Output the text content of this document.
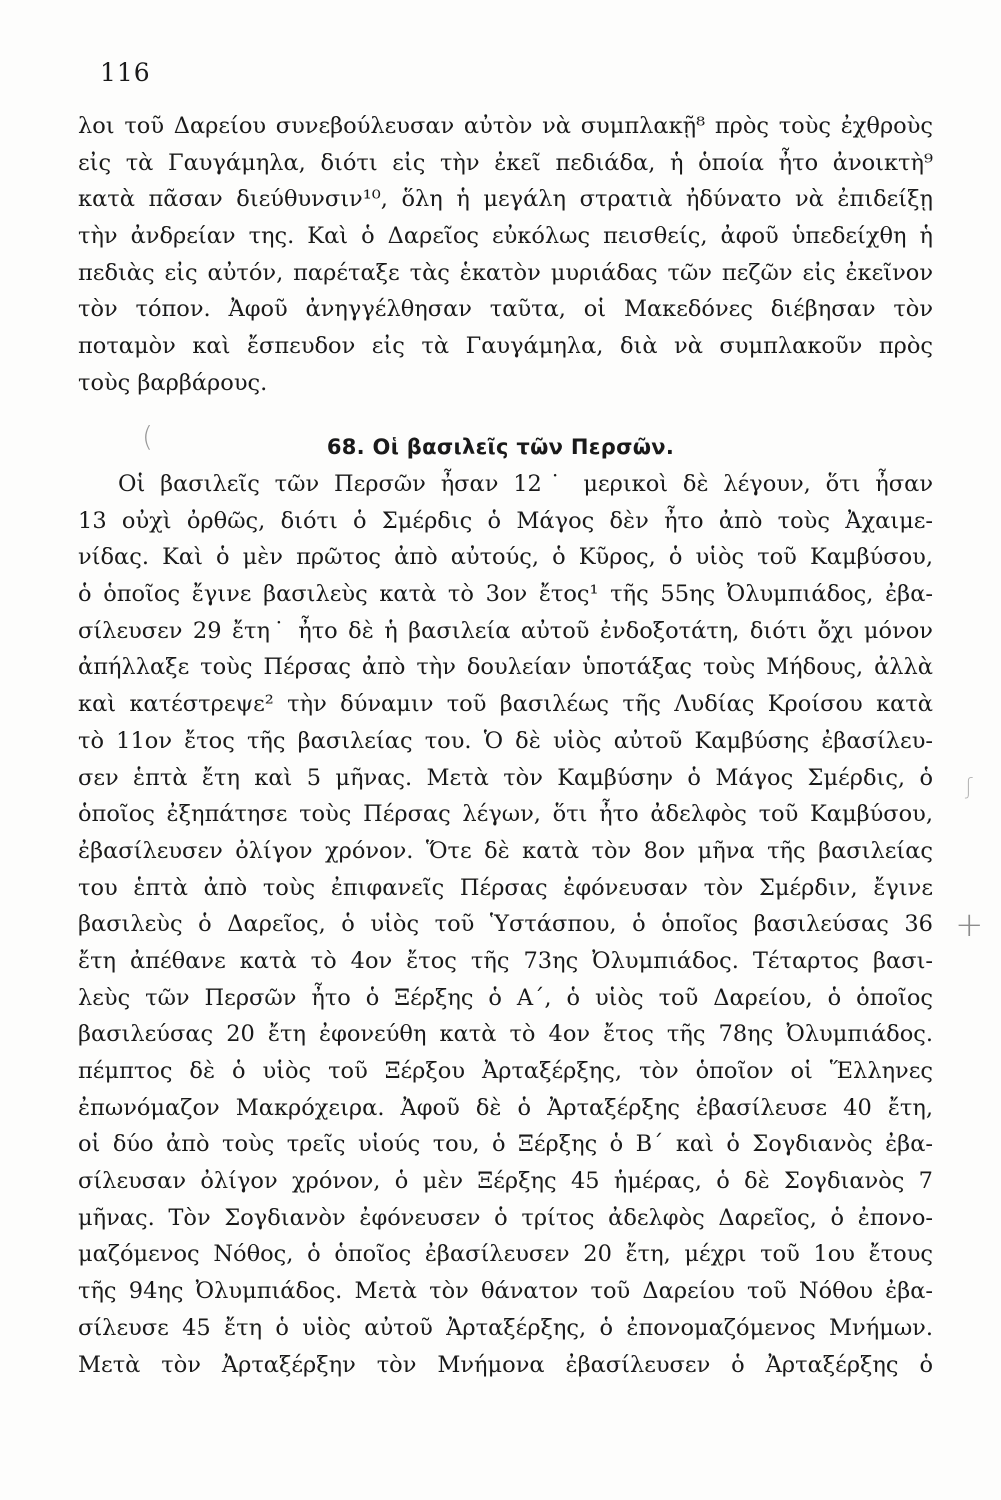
116
λοι τοῦ Δαρείου συνεβούλευσαν αὐτὸν νὰ συμπλακῇ⁸ πρὸς τοὺς ἐχθροὺς
εἰς τὰ Γαυγάμηλα, διότι εἰς τὴν ἐκεῖ πεδιάδα, ἡ ὁποία ἦτο ἀνοικτὴ⁹
κατὰ πᾶσαν διεύθυνσιν¹⁰, ὅλη ἡ μεγάλη στρατιὰ ἠδύνατο νὰ ἐπιδείξῃ
τὴν ἀνδρείαν της. Καὶ ὁ Δαρεῖος εὐκόλως πεισθείς, ἀφοῦ ὑπεδείχθη ἡ
πεδιὰς εἰς αὐτόν, παρέταξε τὰς ἑκατὸν μυριάδας τῶν πεζῶν εἰς ἐκεῖνον
τὸν τόπον. Ἀφοῦ ἀνηγγέλθησαν ταῦτα, οἱ Μακεδόνες διέβησαν τὸν
ποταμὸν καὶ ἔσπευδον εἰς τὰ Γαυγάμηλα, διὰ νὰ συμπλακοῦν πρὸς
τοὺς βαρβάρους.
(	68. Οἱ βασιλεῖς τῶν Περσῶν.
Οἱ βασιλεῖς τῶν Περσῶν ἦσαν 12˙ μερικοὶ δὲ λέγουν, ὅτι ἦσαν
13 οὐχὶ ὀρθῶς, διότι ὁ Σμέρδις ὁ Μάγος δὲν ἦτο ἀπὸ τοὺς Ἀχαιμε-
νίδας. Καὶ ὁ μὲν πρῶτος ἀπὸ αὐτούς, ὁ Κῦρος, ὁ υἱὸς τοῦ Καμβύσου,
ὁ ὁποῖος ἔγινε βασιλεὺς κατὰ τὸ 3ον ἔτος¹ τῆς 55ης Ὀλυμπιάδος, ἐβα-
σίλευσεν 29 ἔτη˙ ἦτο δὲ ἡ βασιλεία αὐτοῦ ἐνδοξοτάτη, διότι ὄχι μόνον
ἀπήλλαξε τοὺς Πέρσας ἀπὸ τὴν δουλείαν ὑποτάξας τοὺς Μήδους, ἀλλὰ
καὶ κατέστρεψε² τὴν δύναμιν τοῦ βασιλέως τῆς Λυδίας Κροίσου κατὰ
τὸ 11ον ἔτος τῆς βασιλείας του. Ὁ δὲ υἱὸς αὐτοῦ Καμβύσης ἐβασίλευ-
σεν ἑπτὰ ἔτη καὶ 5 μῆνας. Μετὰ τὸν Καμβύσην ὁ Μάγος Σμέρδις, ὁ
ὁποῖος ἐξηπάτησε τοὺς Πέρσας λέγων, ὅτι ἦτο ἀδελφὸς τοῦ Καμβύσου,
ἐβασίλευσεν ὀλίγον χρόνον. Ὅτε δὲ κατὰ τὸν 8ον μῆνα τῆς βασιλείας
του ἑπτὰ ἀπὸ τοὺς ἐπιφανεῖς Πέρσας ἐφόνευσαν τὸν Σμέρδιν, ἔγινε
βασιλεὺς ὁ Δαρεῖος, ὁ υἱὸς τοῦ Ὑστάσπου, ὁ ὁποῖος βασιλεύσας 36
ἔτη ἀπέθανε κατὰ τὸ 4ον ἔτος τῆς 73ης Ὀλυμπιάδος. Τέταρτος βασι-
λεὺς τῶν Περσῶν ἦτο ὁ Ξέρξης ὁ Α΄, ὁ υἱὸς τοῦ Δαρείου, ὁ ὁποῖος
βασιλεύσας 20 ἔτη ἐφονεύθη κατὰ τὸ 4ον ἔτος τῆς 78ης Ὀλυμπιάδος.
πέμπτος δὲ ὁ υἱὸς τοῦ Ξέρξου Ἀρταξέρξης, τὸν ὁποῖον οἱ Ἕλληνες
ἐπωνόμαζον Μακρόχειρα. Ἀφοῦ δὲ ὁ Ἀρταξέρξης ἐβασίλευσε 40 ἔτη,
οἱ δύο ἀπὸ τοὺς τρεῖς υἱούς του, ὁ Ξέρξης ὁ Β΄ καὶ ὁ Σογδιανὸς ἐβα-
σίλευσαν ὀλίγον χρόνον, ὁ μὲν Ξέρξης 45 ἡμέρας, ὁ δὲ Σογδιανὸς 7
μῆνας. Τὸν Σογδιανὸν ἐφόνευσεν ὁ τρίτος ἀδελφὸς Δαρεῖος, ὁ ἐπονο-
μαζόμενος Νόθος, ὁ ὁποῖος ἐβασίλευσεν 20 ἔτη, μέχρι τοῦ 1ου ἔτους
τῆς 94ης Ὀλυμπιάδος. Μετὰ τὸν θάνατον τοῦ Δαρείου τοῦ Νόθου ἐβα-
σίλευσε 45 ἔτη ὁ υἱὸς αὐτοῦ Ἀρταξέρξης, ὁ ἐπονομαζόμενος Μνήμων.
Μετὰ τὸν Ἀρταξέρξην τὸν Μνήμονα ἐβασίλευσεν ὁ Ἀρταξέρξης ὁ
ʃ
+
